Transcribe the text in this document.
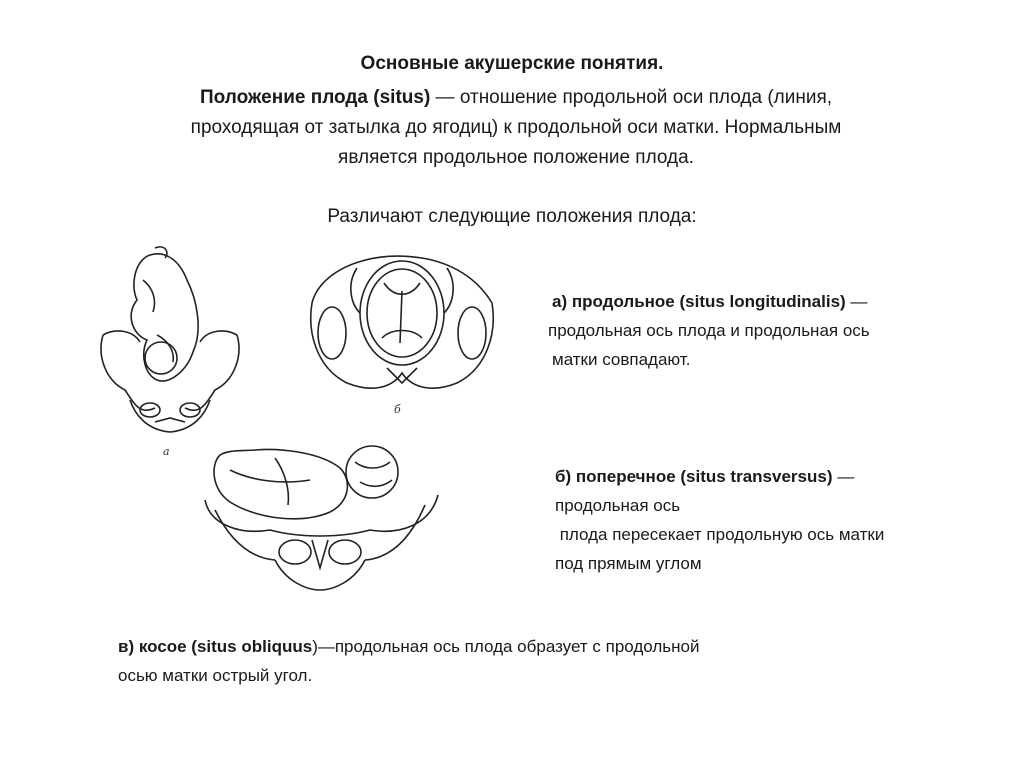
Основные акушерские понятия.
Положение плода (situs) — отношение продольной оси плода (линия,
проходящая от затылка до ягодиц) к продольной оси матки. Нормальным
является продольное положение плода.
Различают следующие положения плода:
а
б
а) продольное (situs longitudinalis) —
продольная ось плода и продольная ось
матки совпадают.
б) поперечное (situs transversus) —
продольная ось
плода пересекает продольную ось матки
под прямым углом
в) косое (situs obliquus)—продольная ось плода образует с продольной
осью матки острый угол.
